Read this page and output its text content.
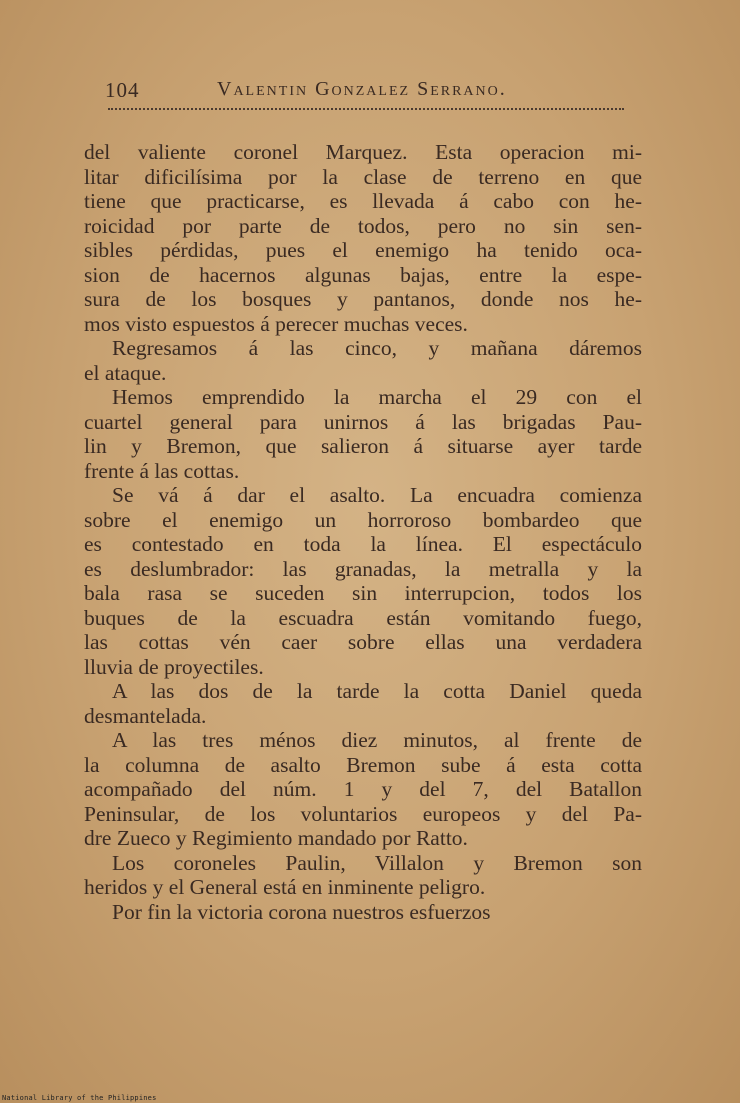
104	Valentin Gonzalez Serrano.
del valiente coronel Marquez. Esta operacion mi-
litar dificilísima por la clase de terreno en que
tiene que practicarse, es llevada á cabo con he-
roicidad por parte de todos, pero no sin sen-
sibles pérdidas, pues el enemigo ha tenido oca-
sion de hacernos algunas bajas, entre la espe-
sura de los bosques y pantanos, donde nos he-
mos visto espuestos á perecer muchas veces.
Regresamos á las cinco, y mañana dáremos
el ataque.
Hemos emprendido la marcha el 29 con el
cuartel general para unirnos á las brigadas Pau-
lin y Bremon, que salieron á situarse ayer tarde
frente á las cottas.
Se vá á dar el asalto. La encuadra comienza
sobre el enemigo un horroroso bombardeo que
es contestado en toda la línea. El espectáculo
es deslumbrador: las granadas, la metralla y la
bala rasa se suceden sin interrupcion, todos los
buques de la escuadra están vomitando fuego,
las cottas vén caer sobre ellas una verdadera
lluvia de proyectiles.
A las dos de la tarde la cotta Daniel queda
desmantelada.
A las tres ménos diez minutos, al frente de
la columna de asalto Bremon sube á esta cotta
acompañado del núm. 1 y del 7, del Batallon
Peninsular, de los voluntarios europeos y del Pa-
dre Zueco y Regimiento mandado por Ratto.
Los coroneles Paulin, Villalon y Bremon son
heridos y el General está en inminente peligro.
Por fin la victoria corona nuestros esfuerzos
National Library of the Philippines
